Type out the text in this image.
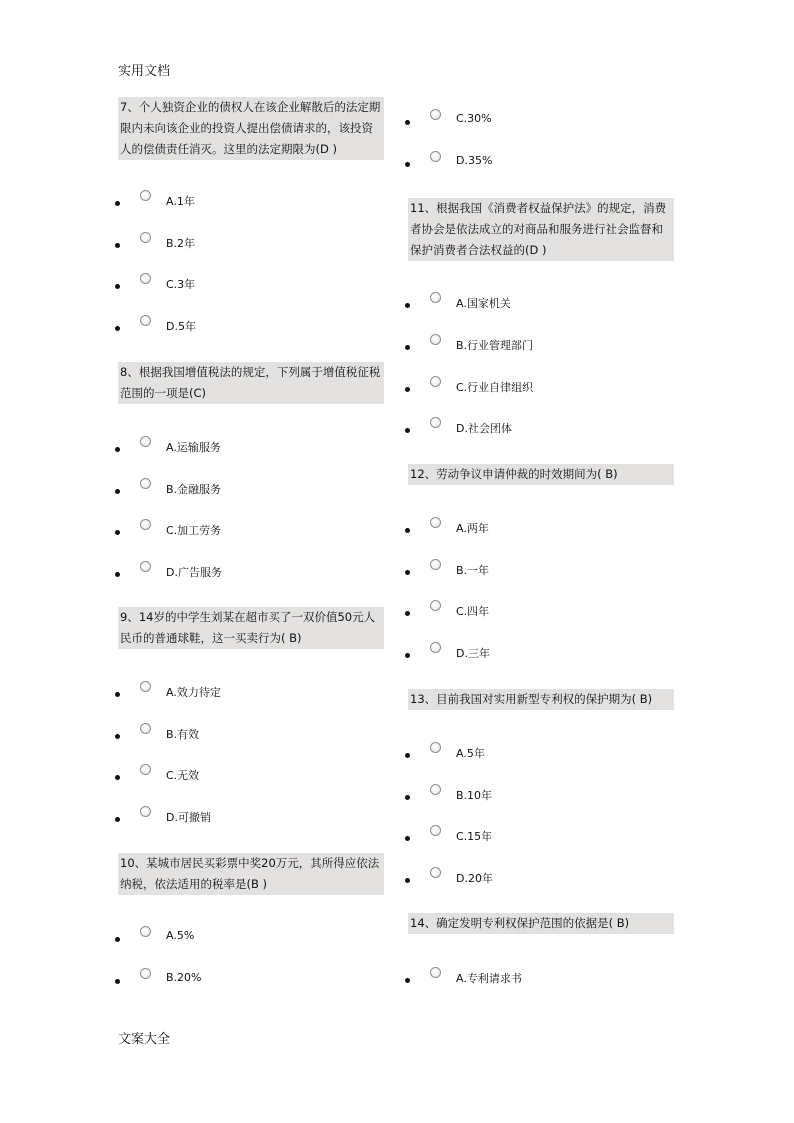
实用文档
7、个人独资企业的债权人在该企业解散后的法定期限内未向该企业的投资人提出偿债请求的，该投资人的偿债责任消灭。这里的法定期限为(D )
A.1年
B.2年
C.3年
D.5年
8、根据我国增值税法的规定，下列属于增值税征税范围的一项是(C)
A.运输服务
B.金融服务
C.加工劳务
D.广告服务
9、14岁的中学生刘某在超市买了一双价值50元人民币的普通球鞋，这一买卖行为( B)
A.效力待定
B.有效
C.无效
D.可撤销
10、某城市居民买彩票中奖20万元，其所得应依法纳税，依法适用的税率是(B )
A.5%
B.20%
C.30%
D.35%
11、根据我国《消费者权益保护法》的规定，消费者协会是依法成立的对商品和服务进行社会监督和保护消费者合法权益的(D )
A.国家机关
B.行业管理部门
C.行业自律组织
D.社会团体
12、劳动争议申请仲裁的时效期间为( B)
A.两年
B.一年
C.四年
D.三年
13、目前我国对实用新型专利权的保护期为( B)
A.5年
B.10年
C.15年
D.20年
14、确定发明专利权保护范围的依据是( B)
A.专利请求书
文案大全
